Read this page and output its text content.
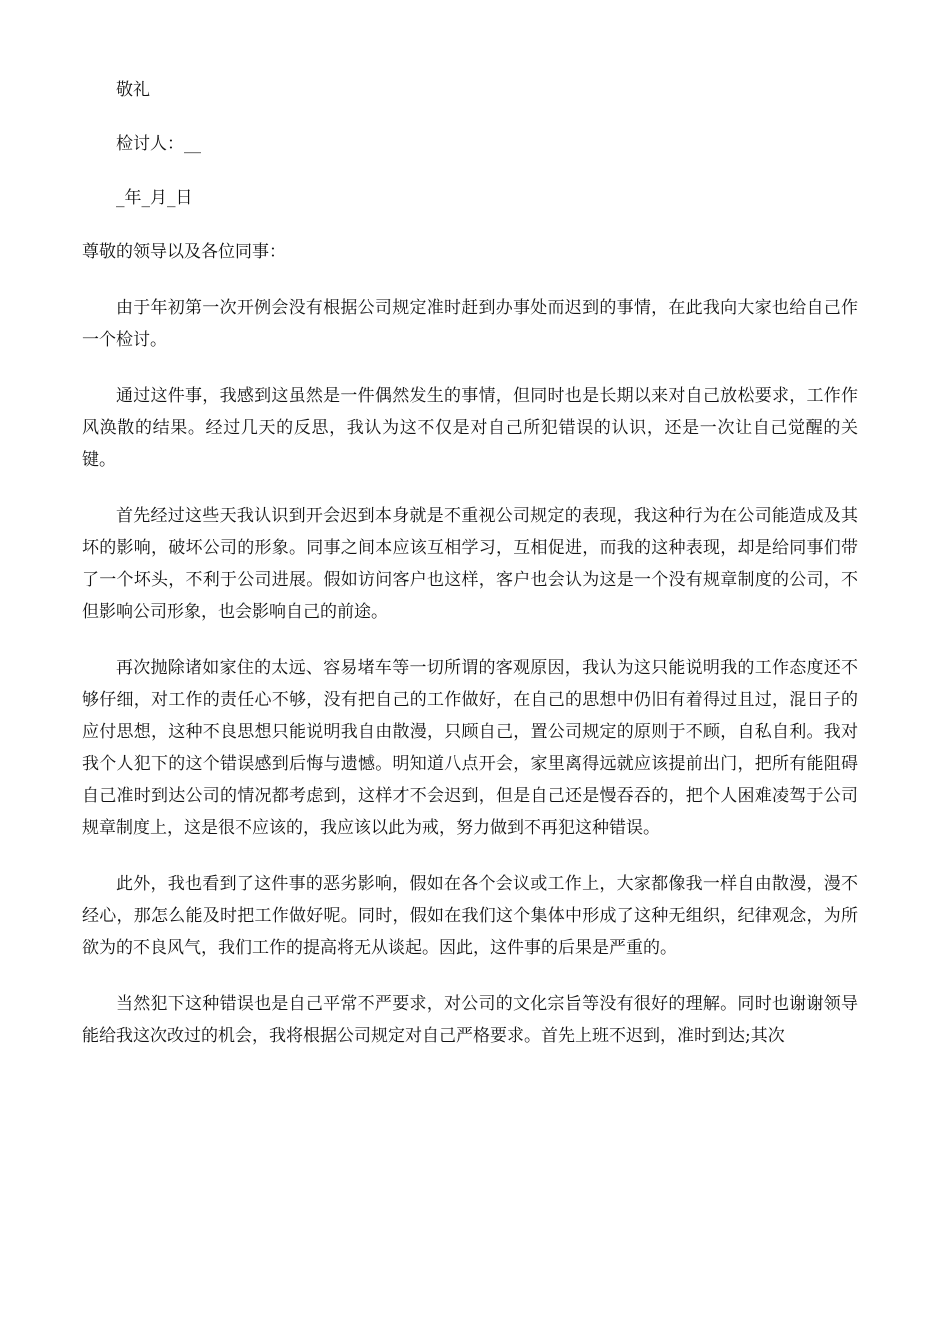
敬礼

检讨人：__

_年_月_日

尊敬的领导以及各位同事：

由于年初第一次开例会没有根据公司规定准时赶到办事处而迟到的事情，在此我向大家也给自己作一个检讨。

通过这件事，我感到这虽然是一件偶然发生的事情，但同时也是长期以来对自己放松要求，工作作风涣散的结果。经过几天的反思，我认为这不仅是对自己所犯错误的认识，还是一次让自己觉醒的关键。

首先经过这些天我认识到开会迟到本身就是不重视公司规定的表现，我这种行为在公司能造成及其坏的影响，破坏公司的形象。同事之间本应该互相学习，互相促进，而我的这种表现，却是给同事们带了一个坏头，不利于公司进展。假如访问客户也这样，客户也会认为这是一个没有规章制度的公司，不但影响公司形象，也会影响自己的前途。

再次抛除诸如家住的太远、容易堵车等一切所谓的客观原因，我认为这只能说明我的工作态度还不够仔细，对工作的责任心不够，没有把自己的工作做好，在自己的思想中仍旧有着得过且过，混日子的应付思想，这种不良思想只能说明我自由散漫，只顾自己，置公司规定的原则于不顾，自私自利。我对我个人犯下的这个错误感到后悔与遗憾。明知道八点开会，家里离得远就应该提前出门，把所有能阻碍自己准时到达公司的情况都考虑到，这样才不会迟到，但是自己还是慢吞吞的，把个人困难凌驾于公司规章制度上，这是很不应该的，我应该以此为戒，努力做到不再犯这种错误。

此外，我也看到了这件事的恶劣影响，假如在各个会议或工作上，大家都像我一样自由散漫，漫不经心，那怎么能及时把工作做好呢。同时，假如在我们这个集体中形成了这种无组织，纪律观念，为所欲为的不良风气，我们工作的提高将无从谈起。因此，这件事的后果是严重的。

当然犯下这种错误也是自己平常不严要求，对公司的文化宗旨等没有很好的理解。同时也谢谢领导能给我这次改过的机会，我将根据公司规定对自己严格要求。首先上班不迟到，准时到达;其次
